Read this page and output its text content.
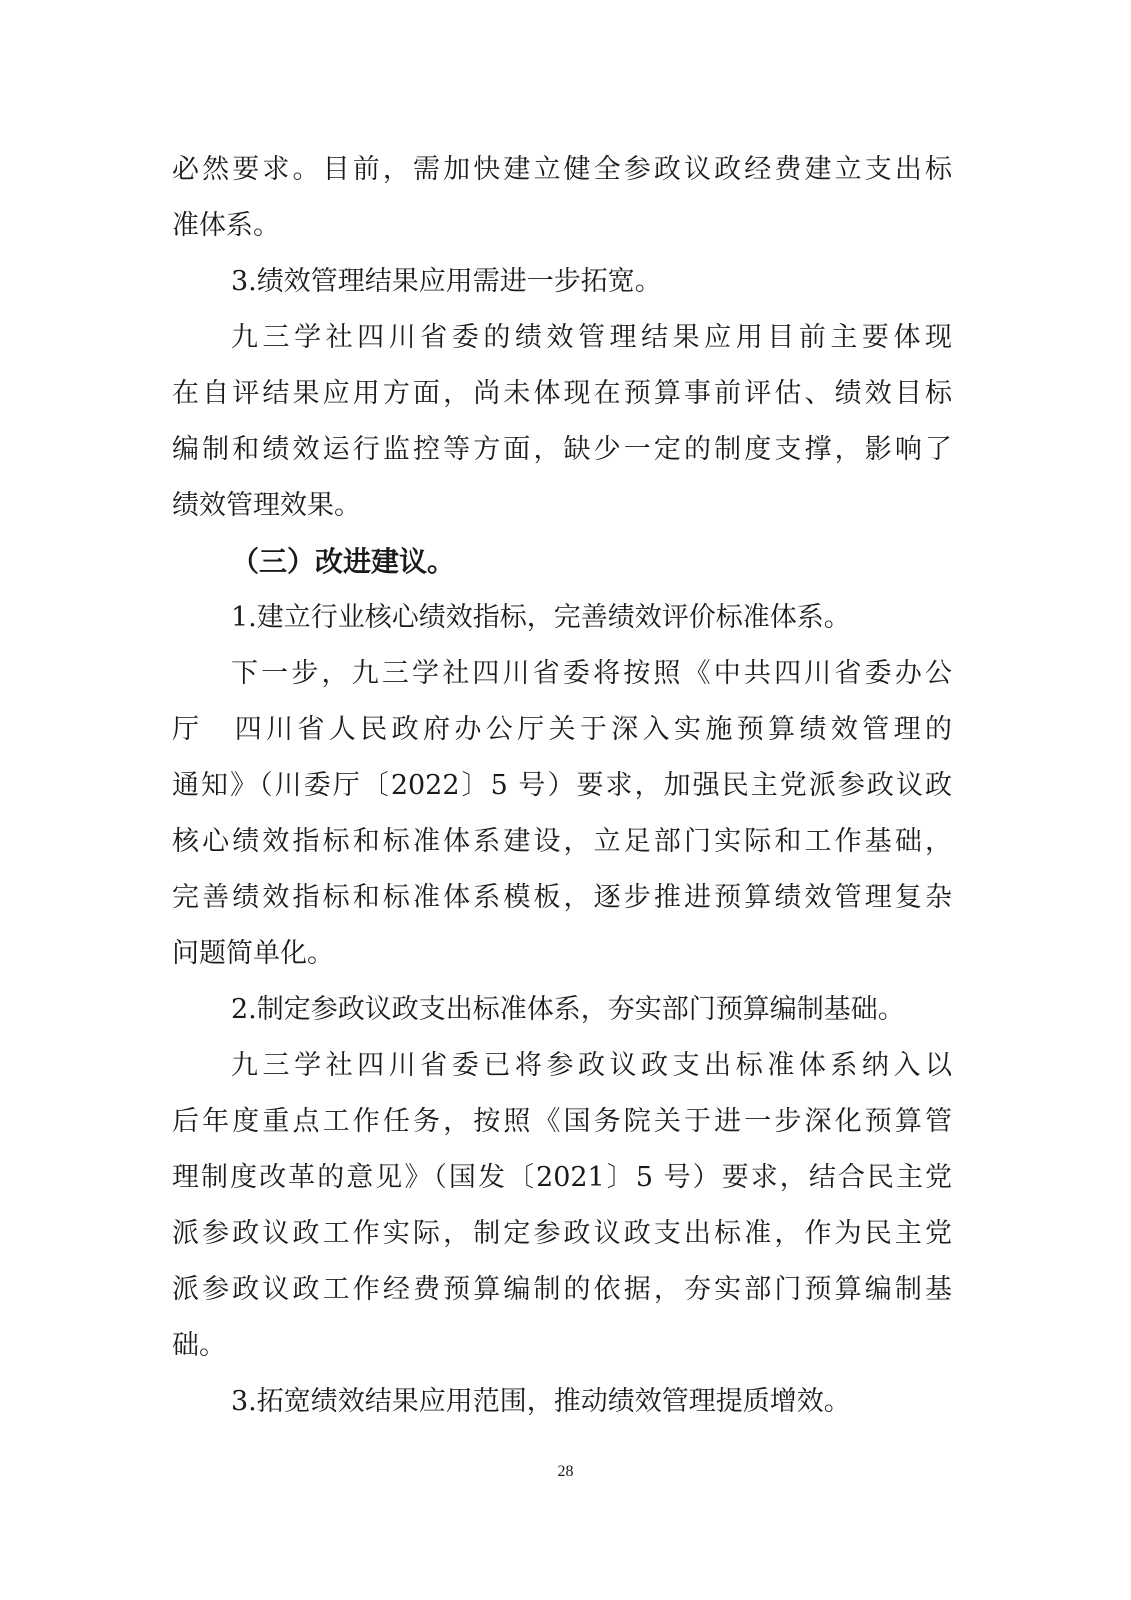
必然要求。目前，需加快建立健全参政议政经费建立支出标
准体系。
3.绩效管理结果应用需进一步拓宽。
九三学社四川省委的绩效管理结果应用目前主要体现
在自评结果应用方面，尚未体现在预算事前评估、绩效目标
编制和绩效运行监控等方面，缺少一定的制度支撑，影响了
绩效管理效果。
（三）改进建议。
1.建立行业核心绩效指标，完善绩效评价标准体系。
下一步，九三学社四川省委将按照《中共四川省委办公
厅　四川省人民政府办公厅关于深入实施预算绩效管理的
通知》（川委厅〔2022〕5 号）要求，加强民主党派参政议政
核心绩效指标和标准体系建设，立足部门实际和工作基础，
完善绩效指标和标准体系模板，逐步推进预算绩效管理复杂
问题简单化。
2.制定参政议政支出标准体系，夯实部门预算编制基础。
九三学社四川省委已将参政议政支出标准体系纳入以
后年度重点工作任务，按照《国务院关于进一步深化预算管
理制度改革的意见》（国发〔2021〕5 号）要求，结合民主党
派参政议政工作实际，制定参政议政支出标准，作为民主党
派参政议政工作经费预算编制的依据，夯实部门预算编制基
础。
3.拓宽绩效结果应用范围，推动绩效管理提质增效。
28
